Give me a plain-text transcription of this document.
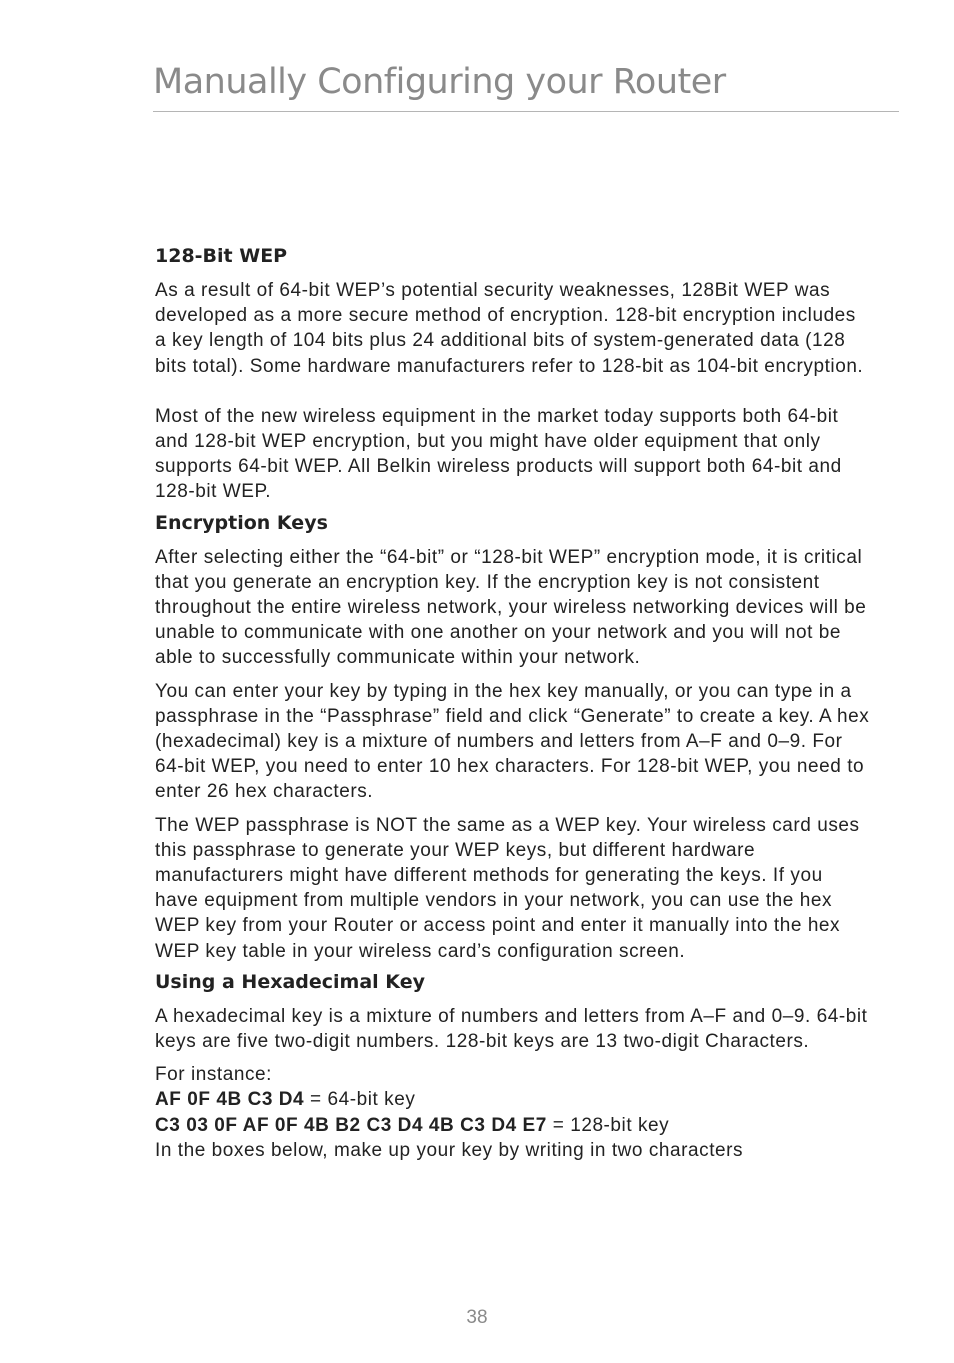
Manually Configuring your Router
128-Bit WEP

As a result of 64-bit WEP’s potential security weaknesses, 128Bit WEP was developed as a more secure method of encryption. 128-bit encryption includes a key length of 104 bits plus 24 additional bits of system-generated data (128 bits total). Some hardware manufacturers refer to 128-bit as 104-bit encryption.

Most of the new wireless equipment in the market today supports both 64-bit and 128-bit WEP encryption, but you might have older equipment that only supports 64-bit WEP. All Belkin wireless products will support both 64-bit and 128-bit WEP.

Encryption Keys

After selecting either the “64-bit” or “128-bit WEP” encryption mode, it is critical that you generate an encryption key. If the encryption key is not consistent throughout the entire wireless network, your wireless networking devices will be unable to communicate with one another on your network and you will not be able to successfully communicate within your network.

You can enter your key by typing in the hex key manually, or you can type in a passphrase in the “Passphrase” field and click “Generate” to create a key. A hex (hexadecimal) key is a mixture of numbers and letters from A–F and 0–9. For 64-bit WEP, you need to enter 10 hex characters. For 128-bit WEP, you need to enter 26 hex characters.

The WEP passphrase is NOT the same as a WEP key. Your wireless card uses this passphrase to generate your WEP keys, but different hardware manufacturers might have different methods for generating the keys. If you have equipment from multiple vendors in your network, you can use the hex WEP key from your Router or access point and enter it manually into the hex WEP key table in your wireless card’s configuration screen.

Using a Hexadecimal Key

A hexadecimal key is a mixture of numbers and letters from A–F and 0–9. 64-bit keys are five two-digit numbers. 128-bit keys are 13 two-digit Characters.

For instance:
AF 0F 4B C3 D4 = 64-bit key
C3 03 0F AF 0F 4B B2 C3 D4 4B C3 D4 E7 = 128-bit key
In the boxes below, make up your key by writing in two characters

38
